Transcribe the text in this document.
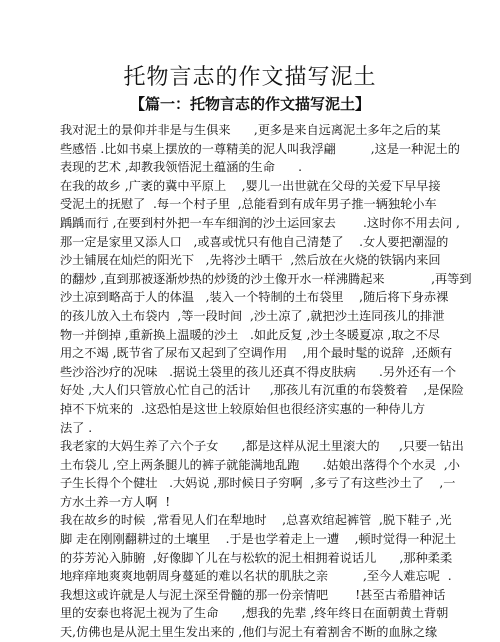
托物言志的作文描写泥土
【篇一：托物言志的作文描写泥土】
我对泥土的景仰并非是与生俱来      ,更多是来自远离泥土多年之后的某
些感悟 .比如书桌上摆放的一尊精美的泥人叫我浮翩         ,这是一种泥土的
表现的艺术 ,却教我领悟泥土蕴涵的生命      .
在我的故乡 ,广袤的冀中平原上    ,婴儿一出世就在父母的关爱下早早接
受泥土的抚慰了  .每一个村子里  ,总能看到有成年男子推一辆独轮小车
踽踽而行 ,在要到村外把一车车细润的沙土运回家去       .这时你不用去问 ,
那一定是家里又添人口   ,或喜或忧只有他自己清楚了    .女人要把潮湿的
沙土铺展在灿烂的阳光下   ,先将沙土晒干  ,然后放在火烧的铁锅内来回
的翻炒 ,直到那被逐渐炒热的炒烫的沙土像开水一样沸腾起来            ,再等到
沙土凉到略高于人的体温   ,装入一个特制的土布袋里    ,随后将下身赤裸
的孩儿放入土布袋内  ,等一段时间  ,沙土凉了 ,就把沙土连同孩儿的排泄
物一并倒掉 ,重新换上温暖的沙土   .如此反复 ,沙土冬暖夏凉 ,取之不尽
用之不竭 ,既节省了尿布又起到了空调作用    ,用个最时髦的说辞  ,还颇有
些沙浴沙疗的况味   .据说土袋里的孩儿还真不得皮肤病      .另外还有一个
好处 ,大人们只管放心忙自己的活计     ,那孩儿有沉重的布袋赘着    ,是保险
掉不下炕来的  .这恐怕是这世上较原始但也很经济实惠的一种侍儿方
法了 .
我老家的大妈生养了六个子女      ,都是这样从泥土里滚大的     ,只要一钻出
土布袋儿 ,空上两条腿儿的裤子就能满地乱跑      .姑娘出落得个个水灵  ,小
子生长得个个健壮   .大妈说 ,那时候日子穷啊  ,多亏了有这些沙土了    ,一
方水土养一方人啊  !
我在故乡的时候  ,常看见人们在犁地时    ,总喜欢绾起裤管  ,脱下鞋子 ,光
脚 走在刚刚翻耕过的土壤里    .于是也学着走上一遭    ,顿时觉得一种泥土
的芬芳沁入肺腑  ,好像脚丫儿在与松软的泥土相拥着说话儿      ,那种柔柔
地痒痒地爽爽地朝周身蔓延的难以名状的肌肤之亲         ,至今人难忘呢  .
我想这或许就是人与泥土深至骨髓的那一份亲情吧       !甚至古希腊神话
里的安泰也将泥土视为了生命      ,想我的先辈 ,终年终日在面朝黄土背朝
天,仿佛也是从泥土里生发出来的 ,他们与泥土有着割舍不断的血脉之缘
